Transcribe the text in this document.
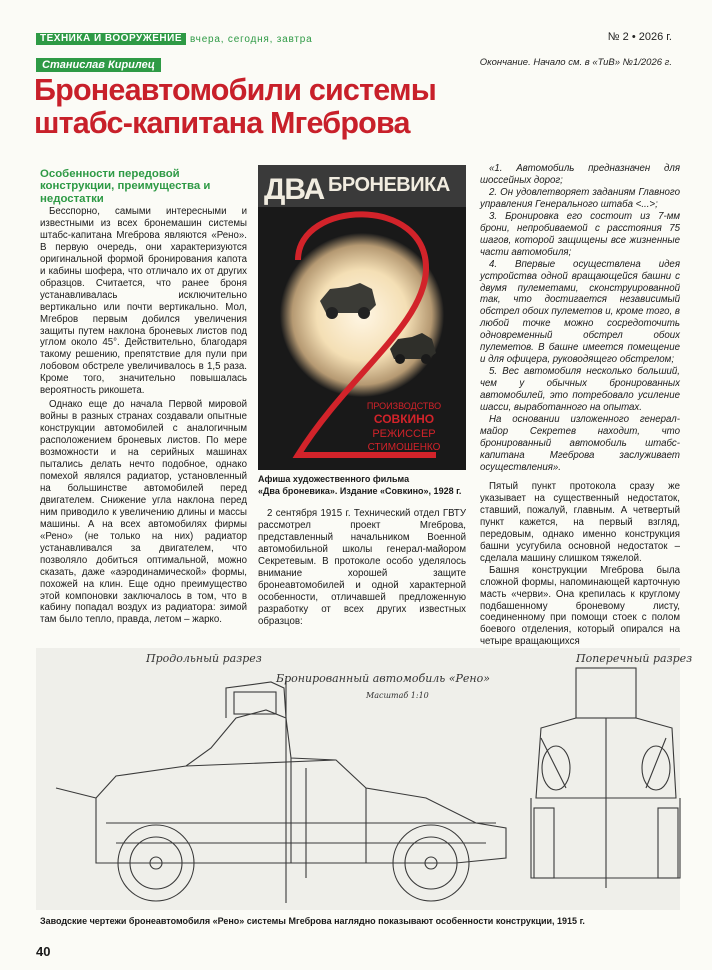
ТЕХНИКА И ВООРУЖЕНИЕ вчера, сегодня, завтра	№ 2 • 2026 г.
Станислав Кирилец	Окончание. Начало см. в «ТиВ» №1/2026 г.
Бронеавтомобили системы
штабс-капитана Мгеброва
Особенности передовой конструкции, преимущества и недостатки

Бесспорно, самыми интересными и известными из всех бронемашин системы штабс-капитана Мгеброва являются «Рено». В первую очередь, они характеризуются оригинальной формой бронирования капота и кабины шофера, что отличало их от других образцов. Считается, что ранее броня устанавливалась исключительно вертикально или почти вертикально. Мол, Мгебров первым добился увеличения защиты путем наклона броневых листов под углом около 45°. Действительно, благодаря такому решению, препятствие для пули при лобовом обстреле увеличивалось в 1,5 раза. Кроме того, значительно повышалась вероятность рикошета.

Однако еще до начала Первой мировой войны в разных странах создавали опытные конструкции автомобилей с аналогичным расположением броневых листов. По мере возможности и на серийных машинах пытались делать нечто подобное, однако помехой являлся радиатор, установленный на большинстве автомобилей перед двигателем. Снижение угла наклона перед ним приводило к увеличению длины и массы машины. А на всех автомобилях фирмы «Рено» (не только на них) радиатор устанавливался за двигателем, что позволяло добиться оптимальной, можно сказать, даже «аэродинамической» формы, похожей на клин. Еще одно преимущество этой компоновки заключалось в том, что в кабину попадал воздух из радиатора: зимой там было тепло, правда, летом – жарко.

ДВА БРОНЕВИКА
ПРОИЗВОДСТВО
СОВКИНО
РЕЖИССЕР
СТИМОШЕНКО
Афиша художественного фильма
«Два броневика». Издание «Совкино», 1928 г.

«1. Автомобиль предназначен для шоссейных дорог;

2. Он удовлетворяет заданиям Главного управления Генерального штаба <...>;

3. Бронировка его состоит из 7-мм брони, непробиваемой с расстояния 75 шагов, которой защищены все жизненные части автомобиля;

4. Впервые осуществлена идея устройства одной вращающейся башни с двумя пулеметами, сконструированной так, что достигается независимый обстрел обоих пулеметов и, кроме того, в любой точке можно сосредоточить одновременный обстрел обоих пулеметов. В башне имеется помещение и для офицера, руководящего обстрелом;

5. Вес автомобиля несколько больший, чем у обычных бронированных автомобилей, это потребовало усиление шасси, выработанного на опытах.

На основании изложенного генерал-майор Секретев находит, что бронированный автомобиль штабс-капитана Мгеброва заслуживает осуществления».

Пятый пункт протокола сразу же указывает на существенный недостаток, ставший, пожалуй, главным. А четвертый пункт кажется, на первый взгляд, передовым, однако именно конструкция башни усугубила основной недостаток – сделала машину слишком тяжелой.

Башня конструкции Мгеброва была сложной формы, напоминающей карточную масть «черви». Она крепилась к круглому подбашенному броневому листу, соединенному при помощи стоек с полом боевого отделения, который опирался на четыре вращающихся

2 сентября 1915 г. Технический отдел ГВТУ рассмотрел проект Мгеброва, представленный начальником Военной автомобильной школы генерал-майором Секретевым. В протоколе особо уделялось внимание хорошей защите бронеавтомобилей и одной характерной особенности, отличавшей предложенную разработку от всех других известных образцов:

Продольный разрез
Бронированный автомобиль «Рено»
Масштаб 1:10
Поперечный разрез
Заводские чертежи бронеавтомобиля «Рено» системы Мгеброва наглядно показывают особенности конструкции, 1915 г.
40
